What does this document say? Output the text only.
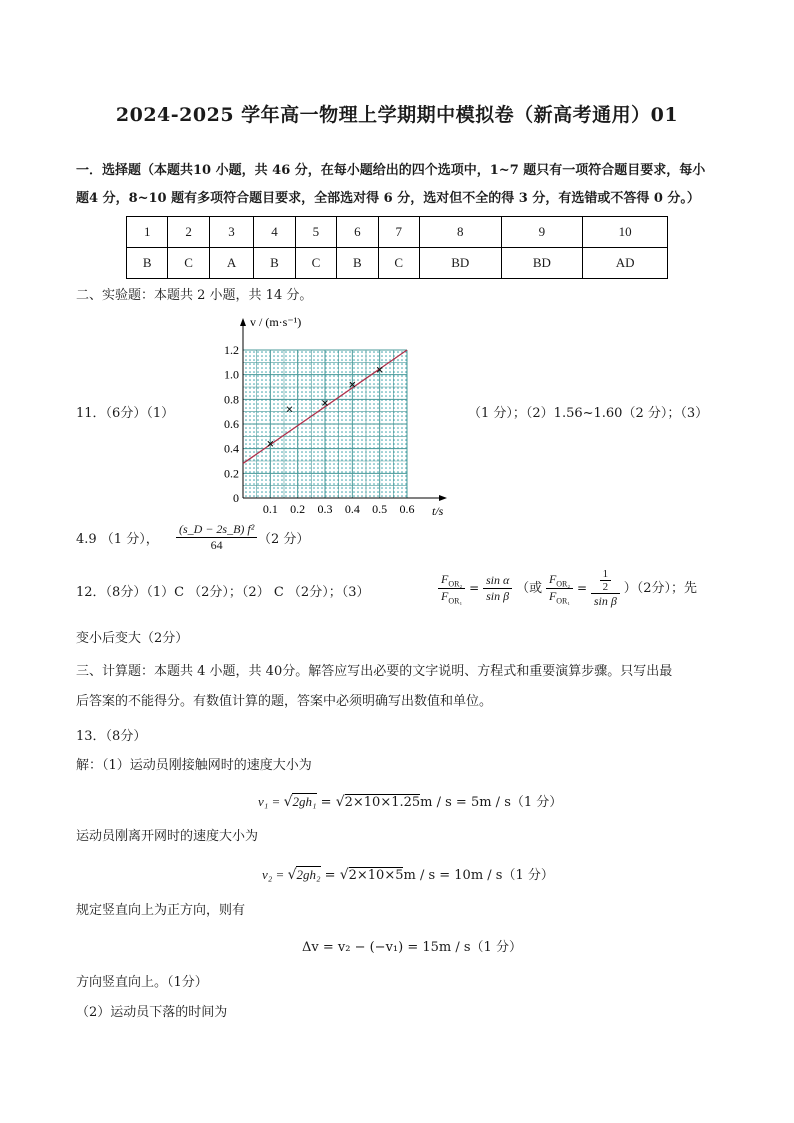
2024-2025 学年高一物理上学期期中模拟卷（新高考通用）01
一．选择题（本题共10 小题，共 46 分，在每小题给出的四个选项中，1~7 题只有一项符合题目要求，每小
题4 分，8~10 题有多项符合题目要求，全部选对得 6 分，选对但不全的得 3 分，有选错或不答得 0 分。）
1	2	3	4	5	6	7	8	9	10
B	C	A	B	C	B	C	BD	BD	AD
二、实验题：本题共 2 小题，共 14 分。
11．（6分）（1）
v / (m·s⁻¹)
t/s
0.1 0.2 0.3 0.4 0.5 0.6
0
0.2
0.4
0.6
0.8
1.0
1.2
（1 分）；（2）1.56~1.60（2 分）；（3）
4.9 （1 分）， $\frac{\text{(s\_D − 2s\_B) f²}}{64} (2$ 分）
12．（8分）（1）C （2分）；（2） C （2分）；（3）	$\frac{F_{OR_2}}{F_{OR_1}} = \frac{\text{sin α}}{\text{sin β}}$ （或 $\frac{F_{OR_2}}{F_{OR_1}} = \frac{\frac{1}{2}}{\text{sin β}} )(2$分）；先
变小后变大（2分）
三、计算题：本题共 4 小题，共 40分。解答应写出必要的文字说明、方程式和重要演算步骤。只写出最
后答案的不能得分。有数值计算的题，答案中必须明确写出数值和单位。
13．（8分）
解：（1）运动员刚接触网时的速度大小为
v₁ = √2gh₁ = √2×10×1.25m / s = 5m / s（1 分）
运动员刚离开网时的速度大小为
v₂ = √2gh₂ = √2×10×5m / s = 10m / s（1 分）
规定竖直向上为正方向，则有
Δv = v₂ − (−v₁) = 15m / s（1 分）
方向竖直向上。（1分）
（2）运动员下落的时间为
